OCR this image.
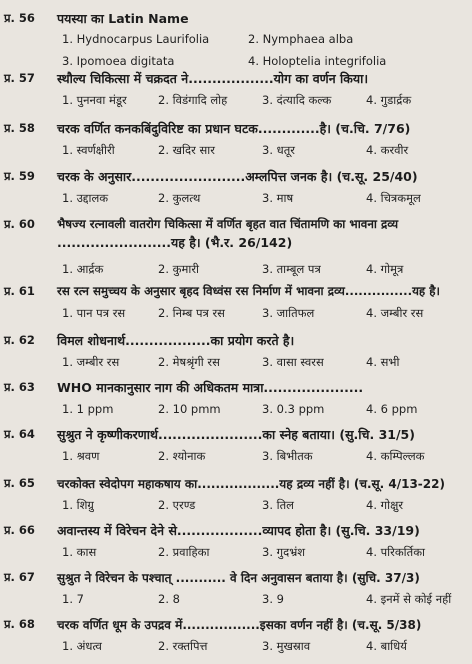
प्र. 56 पयस्या का Latin Name
1. Hydnocarpus Laurifolia	2. Nymphaea alba
3. Ipomoea digitata	4. Holoptelia integrifolia
प्र. 57 स्थौल्य चिकित्सा में चक्रदत ने..................योग का वर्णन किया।
1. पुननवा मंडूर	2. विडंगादि लोह	3. दंत्यादि कल्क	4. गुडार्द्रक
प्र. 58 चरक वर्णित कनकबिंदुविरिष्ट का प्रधान घटक.............है। (च.चि. 7/76)
1. स्वर्णक्षीरी	2. खदिर सार	3. धतूर	4. करवीर
प्र. 59 चरक के अनुसार........................अम्लपित्त जनक है। (च.सू. 25/40)
1. उद्दालक	2. कुलत्थ	3. माष	4. चित्रकमूल
प्र. 60 भैषज्य रत्नावली वातरोग चिकित्सा में वर्णित बृहत वात चिंतामणि का भावना द्रव्य
........................यह है। (भै.र. 26/142)
1. आर्द्रक	2. कुमारी	3. ताम्बूल पत्र	4. गोमूत्र
प्र. 61 रस रत्न समुच्चय के अनुसार बृहद विध्वंस रस निर्माण में भावना द्रव्य...............यह है।
1. पान पत्र रस	2. निम्ब पत्र रस	3. जातिफल	4. जम्बीर रस
प्र. 62 विमल शोधनार्थ..................का प्रयोग करते है।
1. जम्बीर रस	2. मेषश्रृंगी रस	3. वासा स्वरस	4. सभी
प्र. 63 WHO मानकानुसार नाग की अधिकतम मात्रा.....................
1. 1 ppm	2. 10 pmm	3. 0.3 ppm	4. 6 ppm
प्र. 64 सुश्रुत ने कृष्णीकरणार्थ......................का स्नेह बताया। (सु.चि. 31/5)
1. श्रवण	2. श्योनाक	3. बिभीतक	4. कम्पिल्लक
प्र. 65 चरकोक्त स्वेदोपग महाकषाय का..................यह द्रव्य नहीं है। (च.सू. 4/13-22)
1. शिग्रु	2. एरण्ड	3. तिल	4. गोक्षुर
प्र. 66 अवान्तस्य में विरेचन देने से..................व्यापद होता है। (सु.चि. 33/19)
1. कास	2. प्रवाहिका	3. गुदभ्रंश	4. परिकर्तिका
प्र. 67 सुश्रुत ने विरेचन के पश्चात् ........... वे दिन अनुवासन बताया है। (सुचि. 37/3)
1. 7	2. 8	3. 9	4. इनमें से कोई नहीं
प्र. 68 चरक वर्णित धूम के उपद्रव में.................इसका वर्णन नहीं है। (च.सू. 5/38)
1. अंधत्व	2. रक्तपित्त	3. मुखस्राव	4. बाधिर्य
